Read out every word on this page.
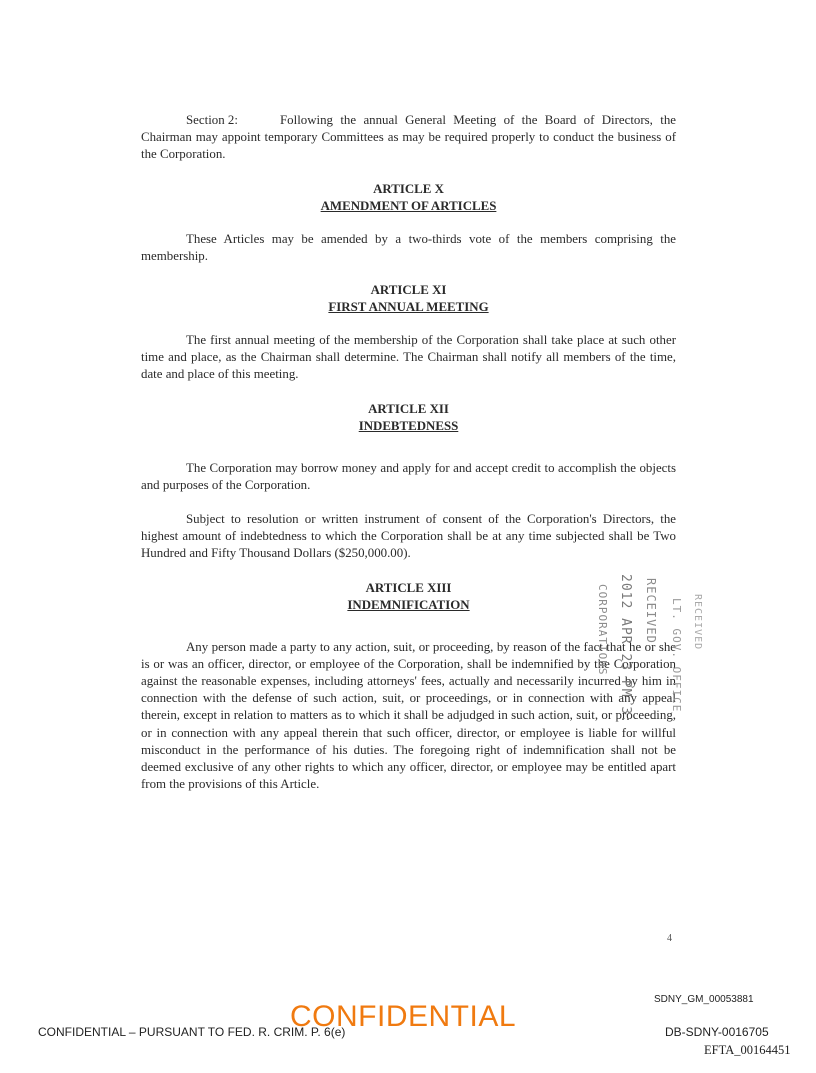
Section 2:	Following the annual General Meeting of the Board of Directors, the Chairman may appoint temporary Committees as may be required properly to conduct the business of the Corporation.

ARTICLE X
AMENDMENT OF ARTICLES

These Articles may be amended by a two-thirds vote of the members comprising the membership.

ARTICLE XI
FIRST ANNUAL MEETING

The first annual meeting of the membership of the Corporation shall take place at such other time and place, as the Chairman shall determine. The Chairman shall notify all members of the time, date and place of this meeting.

ARTICLE XII
INDEBTEDNESS

The Corporation may borrow money and apply for and accept credit to accomplish the objects and purposes of the Corporation.

Subject to resolution or written instrument of consent of the Corporation's Directors, the highest amount of indebtedness to which the Corporation shall be at any time subjected shall be Two Hundred and Fifty Thousand Dollars ($250,000.00).

ARTICLE XIII
INDEMNIFICATION

Any person made a party to any action, suit, or proceeding, by reason of the fact that he or she is or was an officer, director, or employee of the Corporation, shall be indemnified by the Corporation against the reasonable expenses, including attorneys' fees, actually and necessarily incurred by him in connection with the defense of such action, suit, or proceedings, or in connection with any appeal therein, except in relation to matters as to which it shall be adjudged in such action, suit, or proceeding, or in connection with any appeal therein that such officer, director, or employee is liable for willful misconduct in the performance of his duties. The foregoing right of indemnification shall not be deemed exclusive of any other rights to which any officer, director, or employee may be entitled apart from the provisions of this Article.

CORPORATIONS 2012 APR 23 PM 3: RECEIVED LT. GOV. OFFICE RECEIVED
4
SDNY_GM_00053881
CONFIDENTIAL – PURSUANT TO FED. R. CRIM. P. 6(e)
CONFIDENTIAL	DB-SDNY-0016705
EFTA_00164451
